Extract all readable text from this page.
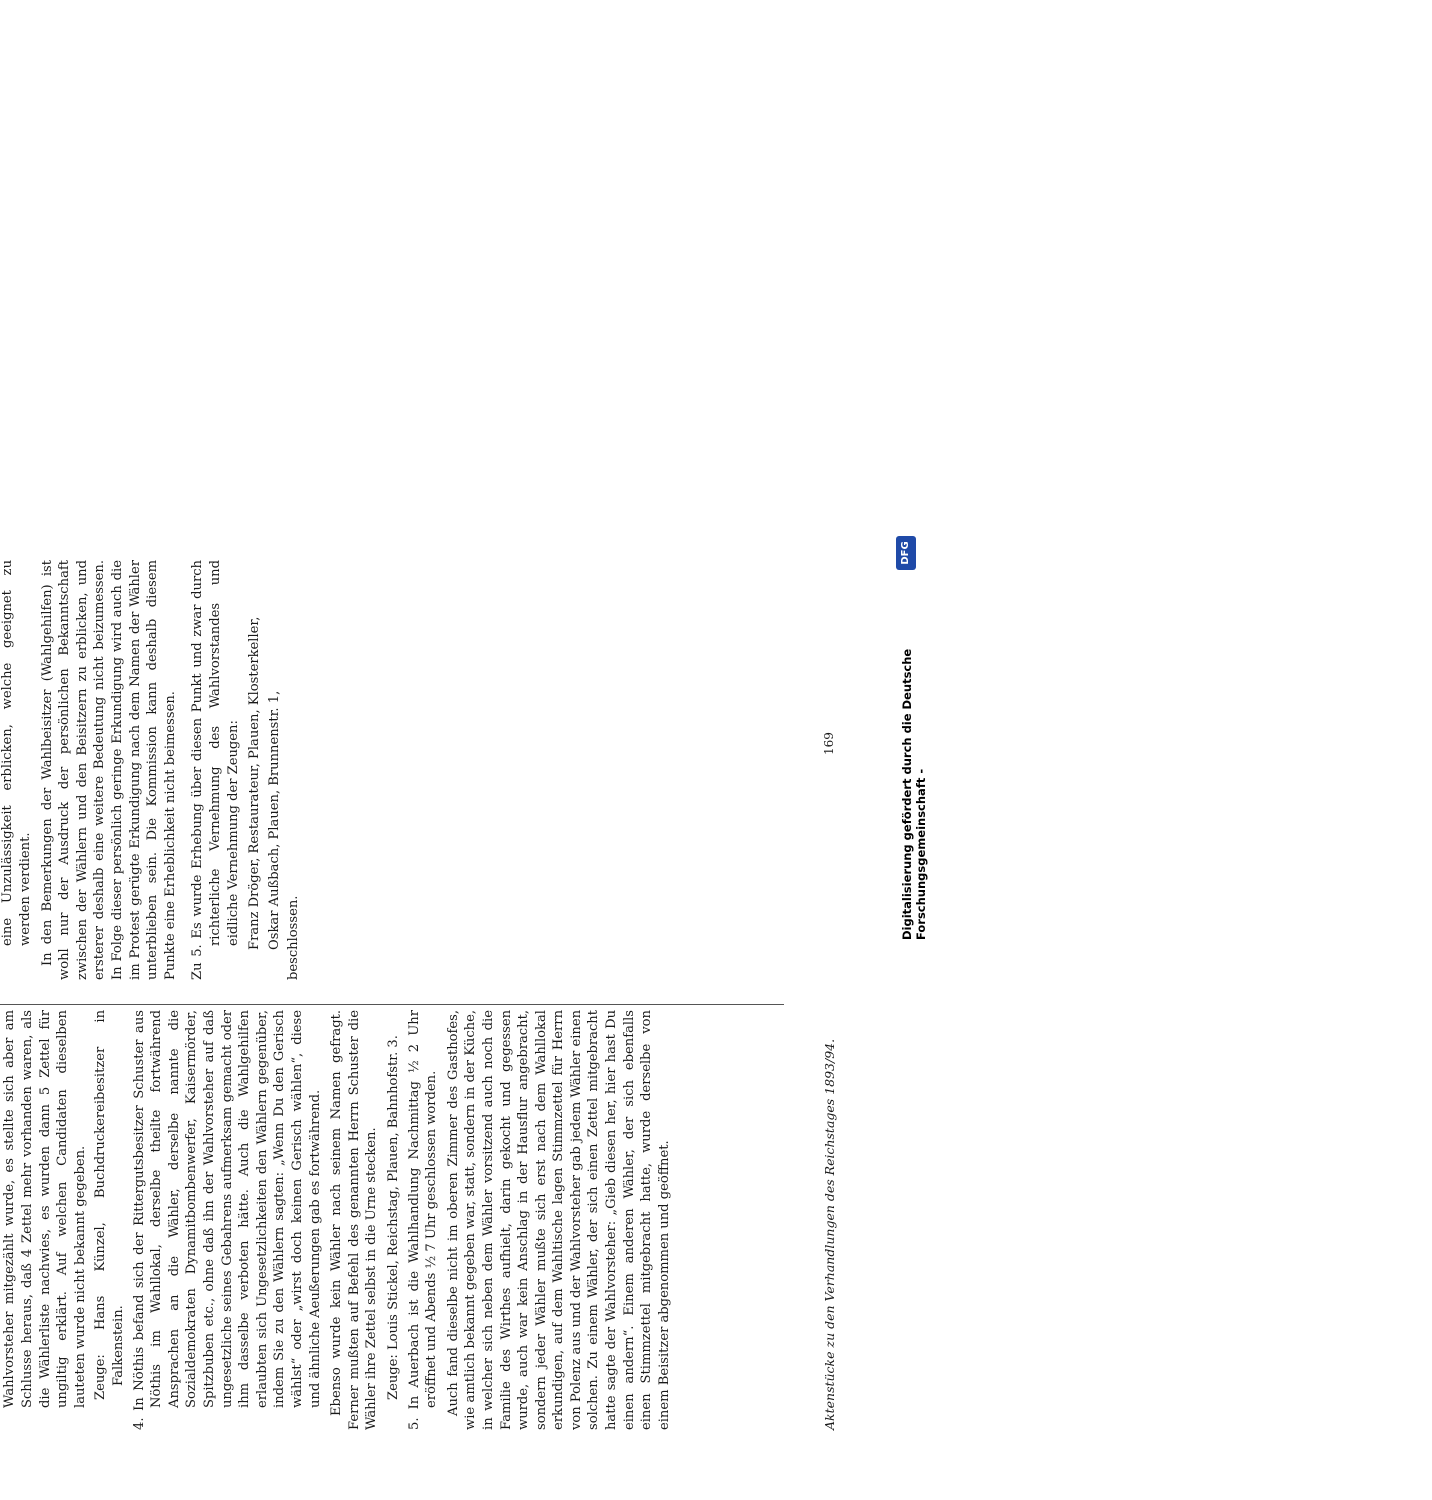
Wahlvorsteher mitgezählt wurde, es stellte sich aber am Schlusse heraus, daß 4 Zettel mehr vorhanden waren, als die Wählerliste nachwies, es wurden dann 5 Zettel für ungiltig erklärt. Auf welchen Candidaten dieselben lauteten wurde nicht bekannt gegeben. Zeuge: Hans Künzel, Buchdruckereibesitzer in Falkenstein. 4. In Nöthis befand sich der Rittergutsbesitzer Schuster aus Nöthis im Wahllokal, derselbe theilte fortwährend Ansprachen an die Wähler, derselbe nannte die Sozialdemokraten Dynamitbombenwerfer, Kaisermörder, Spitzbuben etc., ohne daß ihn der Wahlvorsteher auf daß ungesetzliche seines Gebahrens aufmerksam gemacht oder ihm dasselbe verboten hätte. Auch die Wahlgehilfen erlaubten sich Ungesetzlichkeiten den Wählern gegenüber, indem Sie zu den Wählern sagten: „Wenn Du den Gerisch wählst“ oder „wirst doch keinen Gerisch wählen“, diese und ähnliche Aeußerungen gab es fortwährend. Ebenso wurde kein Wähler nach seinem Namen gefragt. Ferner mußten auf Befehl des genannten Herrn Schuster die Wähler ihre Zettel selbst in die Urne stecken. Zeuge: Louis Stickel, Reichstag, Plauen, Bahnhofstr. 3. 5. In Auerbach ist die Wahlhandlung Nachmittag ½ 2 Uhr eröffnet und Abends ½ 7 Uhr geschlossen worden. Auch fand dieselbe nicht im oberen Zimmer des Gasthofes, wie amtlich bekannt gegeben war, statt, sondern in der Küche, in welcher sich neben dem Wähler vorsitzend auch noch die Familie des Wirthes aufhielt, darin gekocht und gegessen wurde, auch war kein Anschlag in der Hausflur angebracht, sondern jeder Wähler mußte sich erst nach dem Wahllokal erkundigen, auf dem Wahltische lagen Stimmzettel für Herrn von Polenz aus und der Wahlvorsteher gab jedem Wähler einen solchen. Zu einem Wähler, der sich einen Zettel mitgebracht hatte sagte der Wahlvorsteher: „Gieb diesen her, hier hast Du einen andern“. Einem anderen Wähler, der sich ebenfalls einen Stimmzettel mitgebracht hatte, wurde derselbe von einem Beisitzer abgenommen und geöffnet.

eine Unzulässigkeit erblicken, welche geeignet zu werden verdient. In den Bemerkungen der Wahlbeisitzer (Wahlgehilfen) ist wohl nur der Ausdruck der persönlichen Bekanntschaft zwischen der Wählern und den Beisitzern zu erblicken, und ersterer deshalb eine weitere Bedeutung nicht beizumessen. In Folge dieser persönlich geringe Erkundigung wird auch die im Protest gerügte Erkundigung nach dem Namen der Wähler unterblieben sein. Die Kommission kann deshalb diesem Punkte eine Erheblichkeit nicht beimessen. Zu 5. Es wurde Erhebung über diesen Punkt und zwar durch richterliche Vernehmung des Wahlvorstandes und eidliche Vernehmung der Zeugen: Franz Dröger, Restaurateur, Plauen, Klosterkeller, Oskar Außbach, Plauen, Brunnenstr. 1, beschlossen.

Aktenstücke zu den Verhandlungen des Reichstages 1893/94.
169	Digitalisierung gefördert durch die Deutsche Forschungsgemeinschaft -
DFG
